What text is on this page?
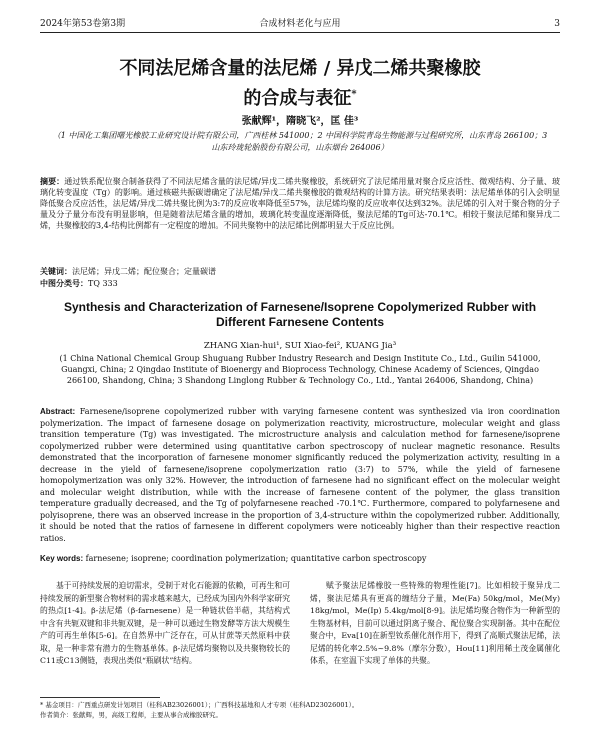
2024年第53卷第3期	合成材料老化与应用	3
不同法尼烯含量的法尼烯 / 异戊二烯共聚橡胶
的合成与表征*
张献辉¹，隋晓飞²，匡 佳³
（1 中国化工集团曙光橡胶工业研究设计院有限公司，广西桂林 541000；2 中国科学院青岛生物能源与过程研究所，山东青岛 266100；3 山东玲珑轮胎股份有限公司，山东烟台 264006）
摘要：通过铁系配位聚合制备获得了不同法尼烯含量的法尼烯/异戊二烯共聚橡胶，系统研究了法尼烯用量对聚合反应活性、微观结构、分子量、玻璃化转变温度（Tg）的影响。通过核磁共振碳谱确定了法尼烯/异戊二烯共聚橡胶的微观结构的计算方法。研究结果表明：法尼烯单体的引入会明显降低聚合反应活性，法尼烯/异戊二烯共聚比例为3:7的反应收率降低至57%，法尼烯均聚的反应收率仅达到32%。法尼烯的引入对于聚合物的分子量及分子量分布没有明显影响，但是随着法尼烯含量的增加，玻璃化转变温度逐渐降低，聚法尼烯的Tg可达-70.1℃。相较于聚法尼烯和聚异戊二烯，共聚橡胶的3,4-结构比例都有一定程度的增加。不同共聚物中的法尼烯比例都明显大于反应比例。
关键词：法尼烯；异戊二烯；配位聚合；定量碳谱
中图分类号：TQ 333
Synthesis and Characterization of Farnesene/Isoprene Copolymerized Rubber with Different Farnesene Contents
ZHANG Xian-hui¹, SUI Xiao-fei², KUANG Jia³
(1 China National Chemical Group Shuguang Rubber Industry Research and Design Institute Co., Ltd., Guilin 541000, Guangxi, China; 2 Qingdao Institute of Bioenergy and Bioprocess Technology, Chinese Academy of Sciences, Qingdao 266100, Shandong, China; 3 Shandong Linglong Rubber & Technology Co., Ltd., Yantai 264006, Shandong, China)
Abstract: Farnesene/isoprene copolymerized rubber with varying farnesene content was synthesized via iron coordination polymerization. The impact of farnesene dosage on polymerization reactivity, microstructure, molecular weight and glass transition temperature (Tg) was investigated. The microstructure analysis and calculation method for farnesene/isoprene copolymerized rubber were determined using quantitative carbon spectroscopy of nuclear magnetic resonance. Results demonstrated that the incorporation of farnesene monomer significantly reduced the polymerization activity, resulting in a decrease in the yield of farnesene/isoprene copolymerization ratio (3:7) to 57%, while the yield of farnesene homopolymerization was only 32%. However, the introduction of farnesene had no significant effect on the molecular weight and molecular weight distribution, while with the increase of farnesene content of the polymer, the glass transition temperature gradually decreased, and the Tg of polyfarnesene reached -70.1℃. Furthermore, compared to polyfarnesene and polyisoprene, there was an observed increase in the proportion of 3,4-structure within the copolymerized rubber. Additionally, it should be noted that the ratios of farnesene in different copolymers were noticeably higher than their respective reaction ratios.
Key words: farnesene; isoprene; coordination polymerization; quantitative carbon spectroscopy
基于可持续发展的迫切需求，受制于对化石能源的依赖，可再生和可持续发展的新型聚合物材料的需求越来越大，已经成为国内外科学家研究的热点[1-4]。β-法尼烯（β-farnesene）是一种链状倍半萜，其结构式中含有共轭双键和非共轭双键，是一种可以通过生物发酵等方法大规模生产的可再生单体[5-6]。在自然界中广泛存在，可从甘蔗等天然原料中获取，是一种非常有潜力的生物基单体。β-法尼烯均聚物以及共聚物较长的C11或C13侧链，表现出类似“瓶刷状”结构。
赋予聚法尼烯橡胶一些特殊的物理性能[7]。比如相较于聚异戊二烯，聚法尼烯具有更高的缠结分子量，Me(Fa) 50kg/mol，Me(My) 18kg/mol，Me(Ip) 5.4kg/mol[8-9]。法尼烯均聚合物作为一种新型的生物基材料，目前可以通过阴离子聚合、配位聚合实现制备。其中在配位聚合中，Eva[10]在新型钕系催化剂作用下，得到了高顺式聚法尼烯，法尼烯的转化率2.5%~9.8%（摩尔分数），Hou[11]利用稀土茂金属催化体系，在室温下实现了单体的共聚。
* 基金项目：广西重点研发计划项目（桂科AB23026001）；广西科技基地和人才专项（桂科AD23026001）。
作者简介：张献辉，男，高级工程师，主要从事合成橡胶研究。
